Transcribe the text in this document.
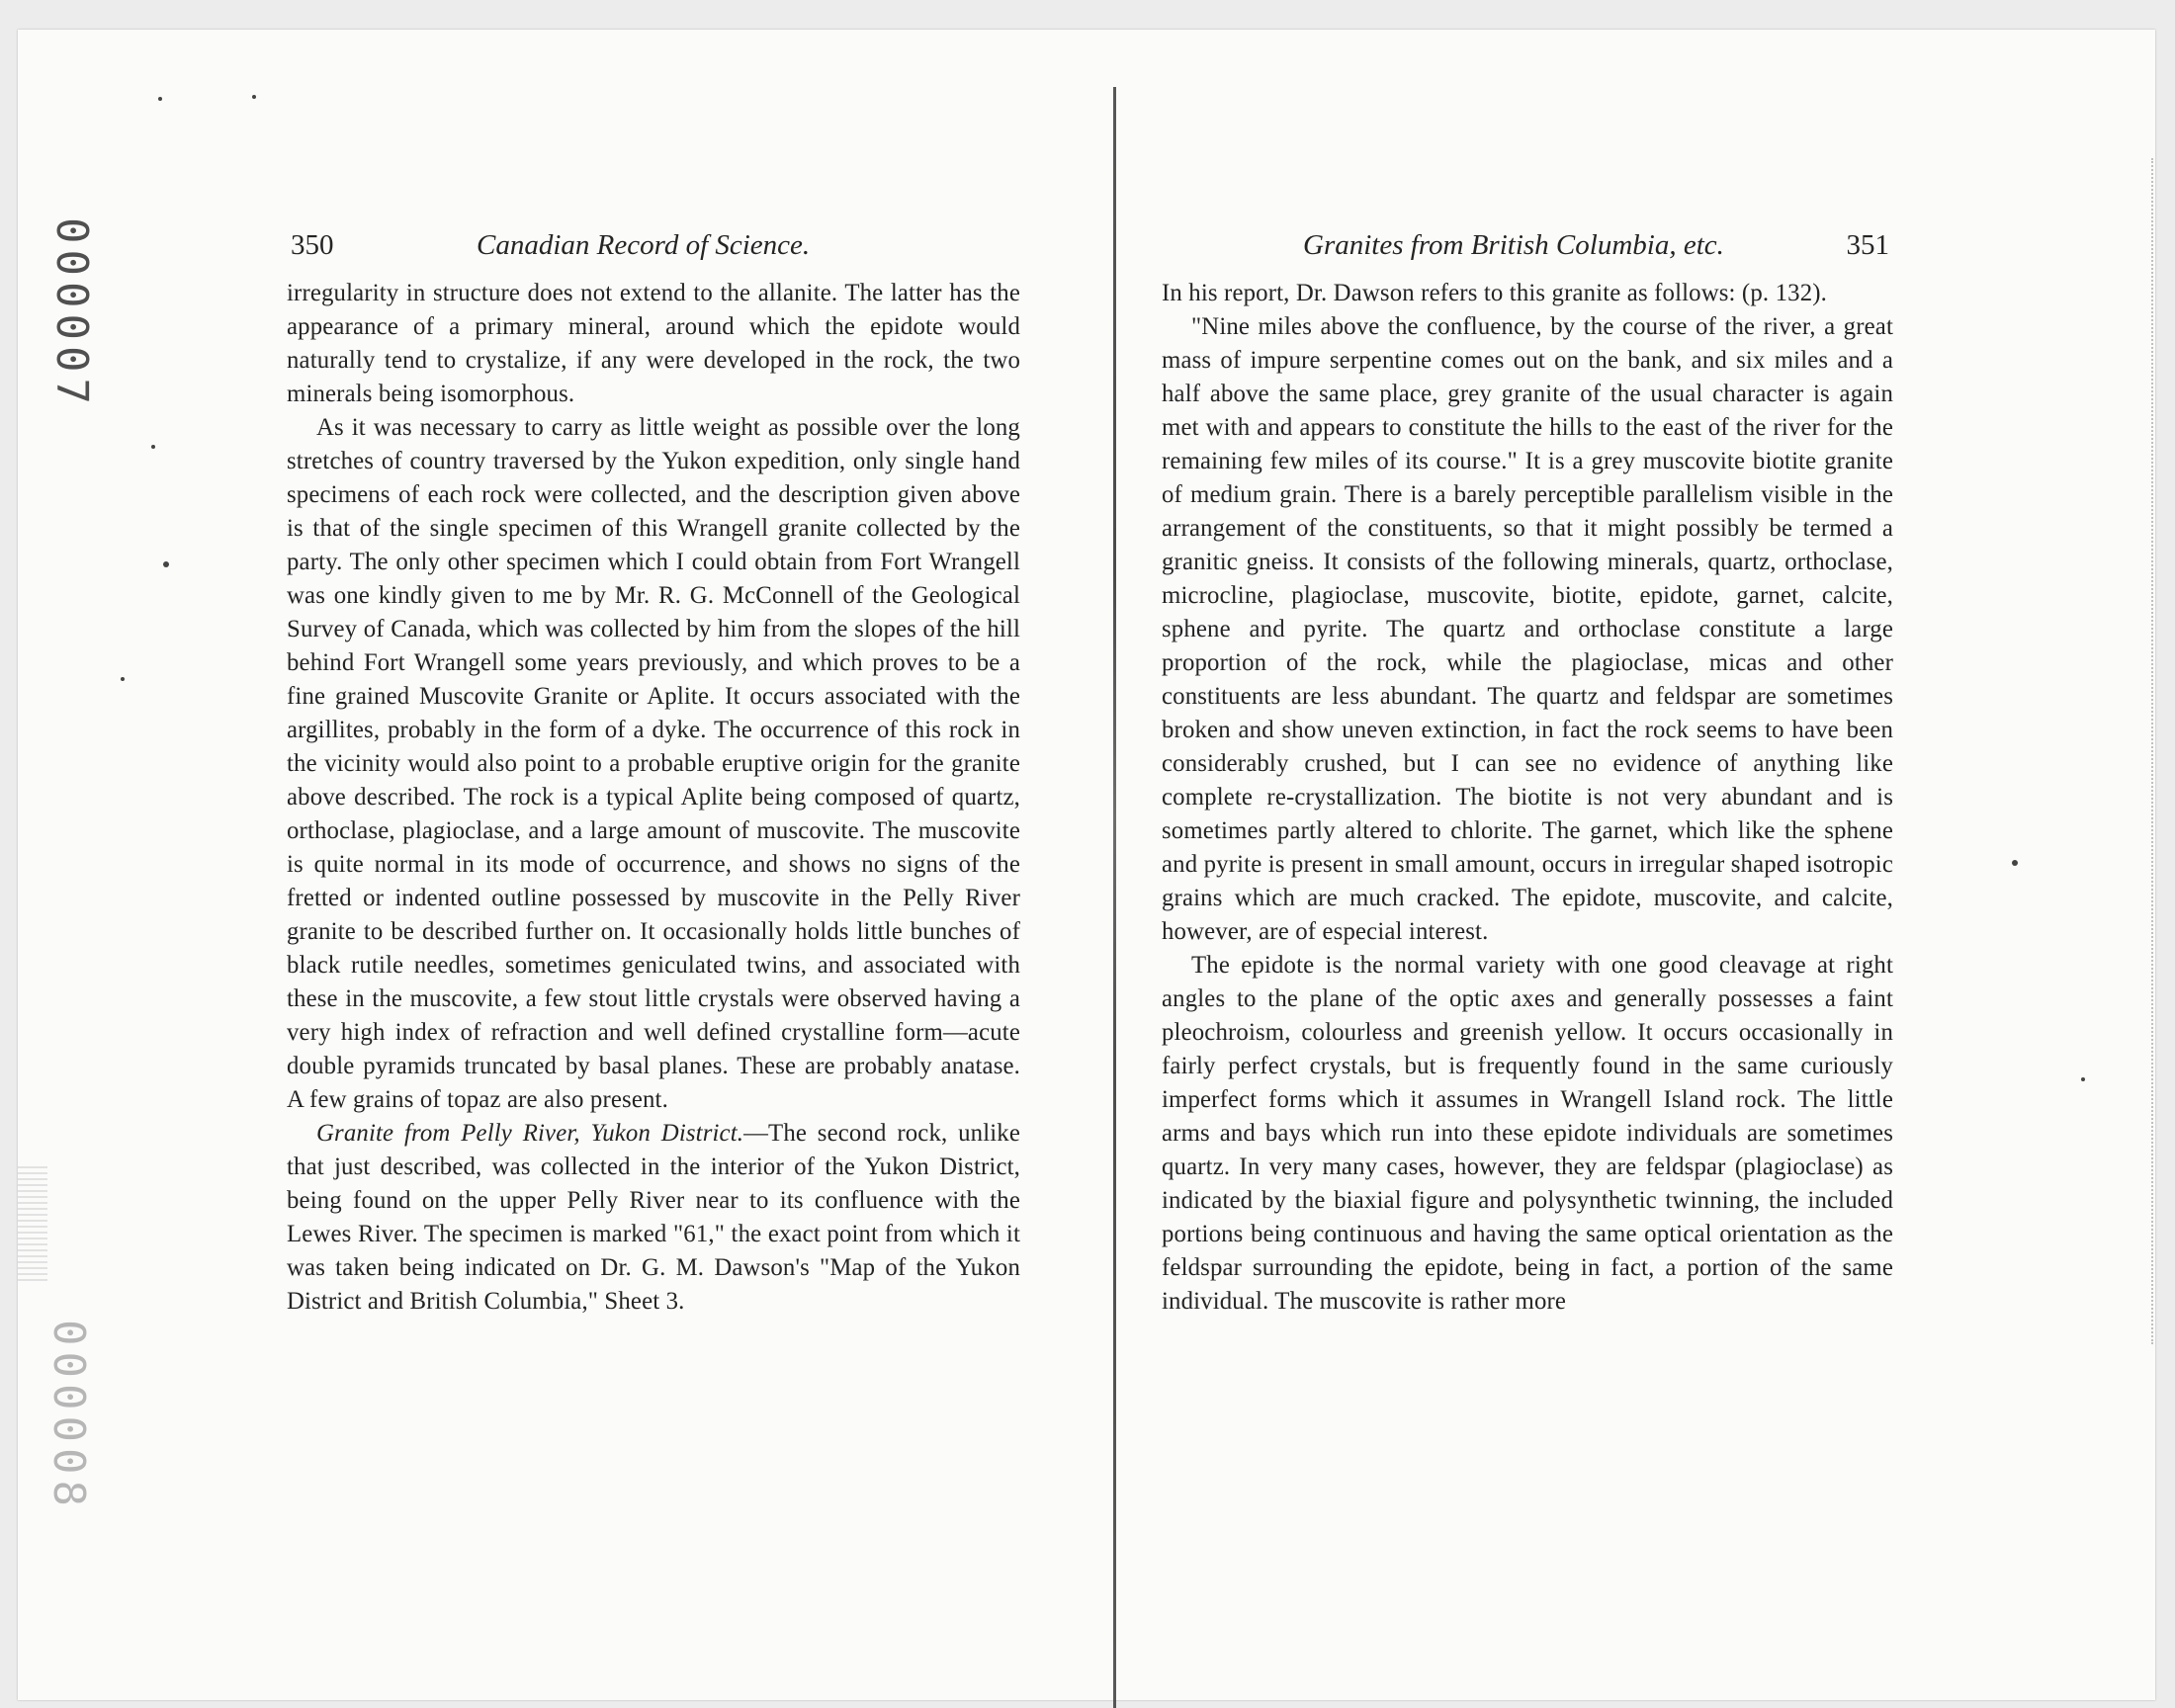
000007
000008
350	Canadian Record of Science.

irregularity in structure does not extend to the allanite. The latter has the appearance of a primary mineral, around which the epidote would naturally tend to crystalize, if any were developed in the rock, the two minerals being isomorphous.

As it was necessary to carry as little weight as possible over the long stretches of country traversed by the Yukon expedition, only single hand specimens of each rock were collected, and the description given above is that of the single specimen of this Wrangell granite collected by the party. The only other specimen which I could obtain from Fort Wrangell was one kindly given to me by Mr. R. G. McConnell of the Geological Survey of Canada, which was collected by him from the slopes of the hill behind Fort Wrangell some years previously, and which proves to be a fine grained Muscovite Granite or Aplite. It occurs associated with the argillites, probably in the form of a dyke. The occurrence of this rock in the vicinity would also point to a probable eruptive origin for the granite above described. The rock is a typical Aplite being composed of quartz, orthoclase, plagioclase, and a large amount of muscovite. The muscovite is quite normal in its mode of occurrence, and shows no signs of the fretted or indented outline possessed by muscovite in the Pelly River granite to be described further on. It occasionally holds little bunches of black rutile needles, sometimes geniculated twins, and associated with these in the muscovite, a few stout little crystals were observed having a very high index of refraction and well defined crystalline form—acute double pyramids truncated by basal planes. These are probably anatase. A few grains of topaz are also present.

Granite from Pelly River, Yukon District.—The second rock, unlike that just described, was collected in the interior of the Yukon District, being found on the upper Pelly River near to its confluence with the Lewes River. The specimen is marked "61," the exact point from which it was taken being indicated on Dr. G. M. Dawson's "Map of the Yukon District and British Columbia," Sheet 3.

Granites from British Columbia, etc.	351

In his report, Dr. Dawson refers to this granite as follows: (p. 132).

"Nine miles above the confluence, by the course of the river, a great mass of impure serpentine comes out on the bank, and six miles and a half above the same place, grey granite of the usual character is again met with and appears to constitute the hills to the east of the river for the remaining few miles of its course." It is a grey muscovite biotite granite of medium grain. There is a barely perceptible parallelism visible in the arrangement of the constituents, so that it might possibly be termed a granitic gneiss. It consists of the following minerals, quartz, orthoclase, microcline, plagioclase, muscovite, biotite, epidote, garnet, calcite, sphene and pyrite. The quartz and orthoclase constitute a large proportion of the rock, while the plagioclase, micas and other constituents are less abundant. The quartz and feldspar are sometimes broken and show uneven extinction, in fact the rock seems to have been considerably crushed, but I can see no evidence of anything like complete re-crystallization. The biotite is not very abundant and is sometimes partly altered to chlorite. The garnet, which like the sphene and pyrite is present in small amount, occurs in irregular shaped isotropic grains which are much cracked. The epidote, muscovite, and calcite, however, are of especial interest.

The epidote is the normal variety with one good cleavage at right angles to the plane of the optic axes and generally possesses a faint pleochroism, colourless and greenish yellow. It occurs occasionally in fairly perfect crystals, but is frequently found in the same curiously imperfect forms which it assumes in Wrangell Island rock. The little arms and bays which run into these epidote individuals are sometimes quartz. In very many cases, however, they are feldspar (plagioclase) as indicated by the biaxial figure and polysynthetic twinning, the included portions being continuous and having the same optical orientation as the feldspar surrounding the epidote, being in fact, a portion of the same individual. The muscovite is rather more
